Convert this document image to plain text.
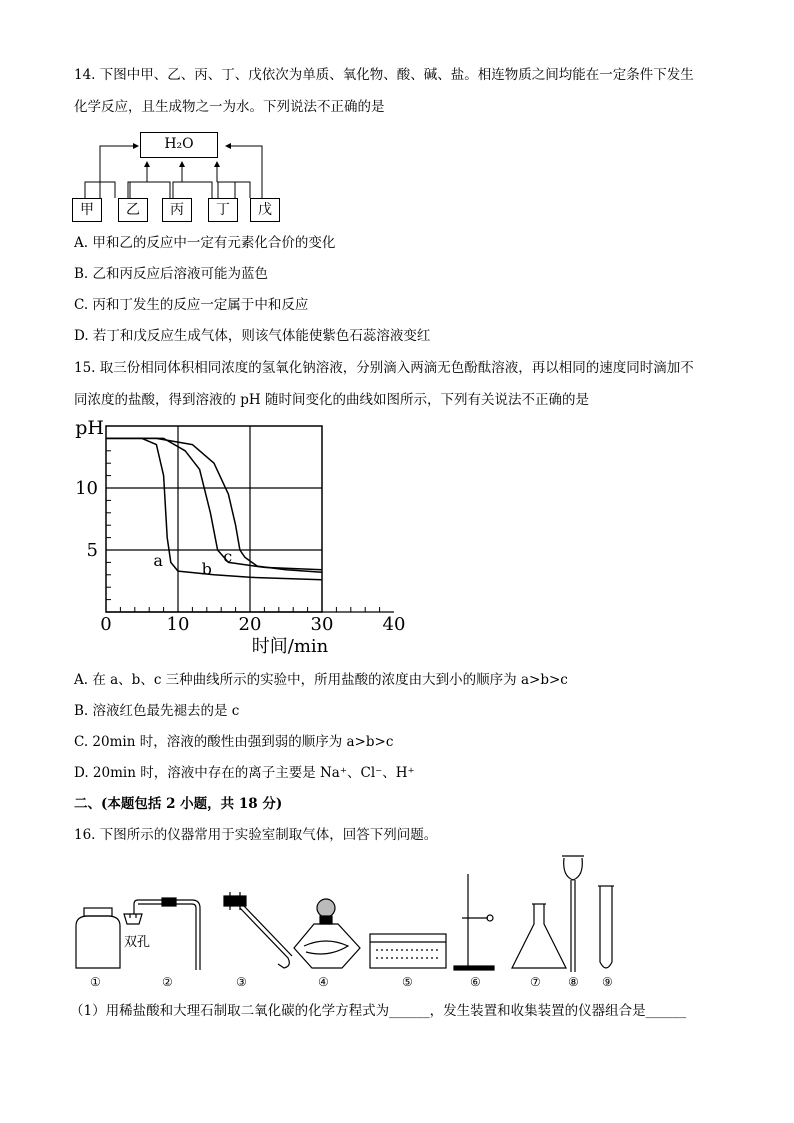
14. 下图中甲、乙、丙、丁、戊依次为单质、氧化物、酸、碱、盐。相连物质之间均能在一定条件下发生
化学反应，且生成物之一为水。下列说法不正确的是
H₂O
甲	乙	丙	丁	戊
A. 甲和乙的反应中一定有元素化合价的变化
B. 乙和丙反应后溶液可能为蓝色
C. 丙和丁发生的反应一定属于中和反应
D. 若丁和戊反应生成气体，则该气体能使紫色石蕊溶液变红
15. 取三份相同体积相同浓度的氢氧化钠溶液，分别滴入两滴无色酚酞溶液，再以相同的速度同时滴加不
同浓度的盐酸，得到溶液的 pH 随时间变化的曲线如图所示，下列有关说法不正确的是
a b
c
5
10
0	10	20	30	40
pH
时间/min
A. 在 a、b、c 三种曲线所示的实验中，所用盐酸的浓度由大到小的顺序为 a>b>c
B. 溶液红色最先褪去的是 c
C. 20min 时，溶液的酸性由强到弱的顺序为 a>b>c
D. 20min 时，溶液中存在的离子主要是 Na⁺、Cl⁻、H⁺
二、(本题包括 2 小题，共 18 分)
16. 下图所示的仪器常用于实验室制取气体，回答下列问题。
双孔
①	②	③	④	⑤	⑥	⑦ ⑧ ⑨
（1）用稀盐酸和大理石制取二氧化碳的化学方程式为______，发生装置和收集装置的仪器组合是______
